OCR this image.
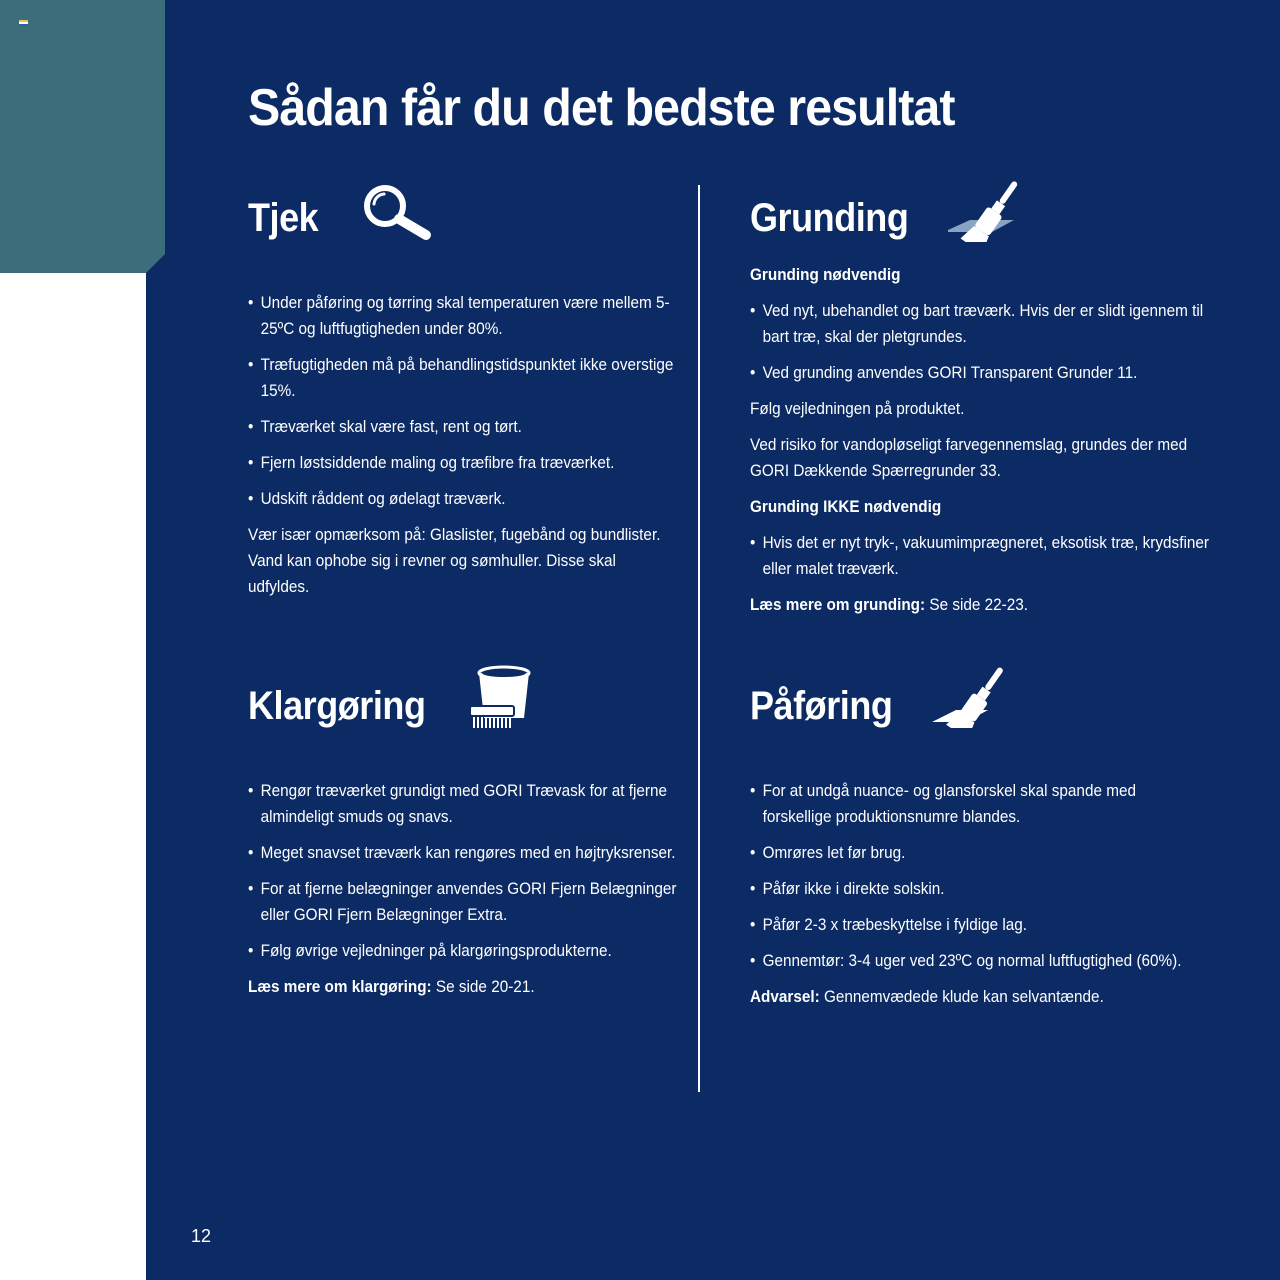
Sådan får du det bedste resultat
Tjek
• Under påføring og tørring skal temperaturen være mellem 5-25ºC og luftfugtigheden under 80%.
• Træfugtigheden må på behandlingstidspunktet ikke overstige 15%.
• Træværket skal være fast, rent og tørt.
• Fjern løstsiddende maling og træfibre fra træværket.
• Udskift råddent og ødelagt træværk.

Vær især opmærksom på: Glaslister, fugebånd og bundlister. Vand kan ophobe sig i revner og sømhuller. Disse skal udfyldes.

Grunding

Grunding nødvendig

• Ved nyt, ubehandlet og bart træværk. Hvis der er slidt igennem til bart træ, skal der pletgrundes.
• Ved grunding anvendes GORI Transparent Grunder 11.

Følg vejledningen på produktet.

Ved risiko for vandopløseligt farvegennemslag, grundes der med GORI Dækkende Spærregrunder 33.

Grunding IKKE nødvendig

• Hvis det er nyt tryk-, vakuumimprægneret, eksotisk træ, krydsfiner eller malet træværk.

Læs mere om grunding: Se side 22-23.

Klargøring
• Rengør træværket grundigt med GORI Trævask for at fjerne almindeligt smuds og snavs.
• Meget snavset træværk kan rengøres med en højtryksrenser.
• For at fjerne belægninger anvendes GORI Fjern Belægninger eller GORI Fjern Belægninger Extra.
• Følg øvrige vejledninger på klargøringsprodukterne.

Læs mere om klargøring: Se side 20-21.

Påføring
• For at undgå nuance- og glansforskel skal spande med forskellige produktionsnumre blandes.
• Omrøres let før brug.
• Påfør ikke i direkte solskin.
• Påfør 2-3 x træbeskyttelse i fyldige lag.
• Gennemtør: 3-4 uger ved 23ºC og normal luftfugtighed (60%).

Advarsel: Gennemvædede klude kan selvantænde.

12
